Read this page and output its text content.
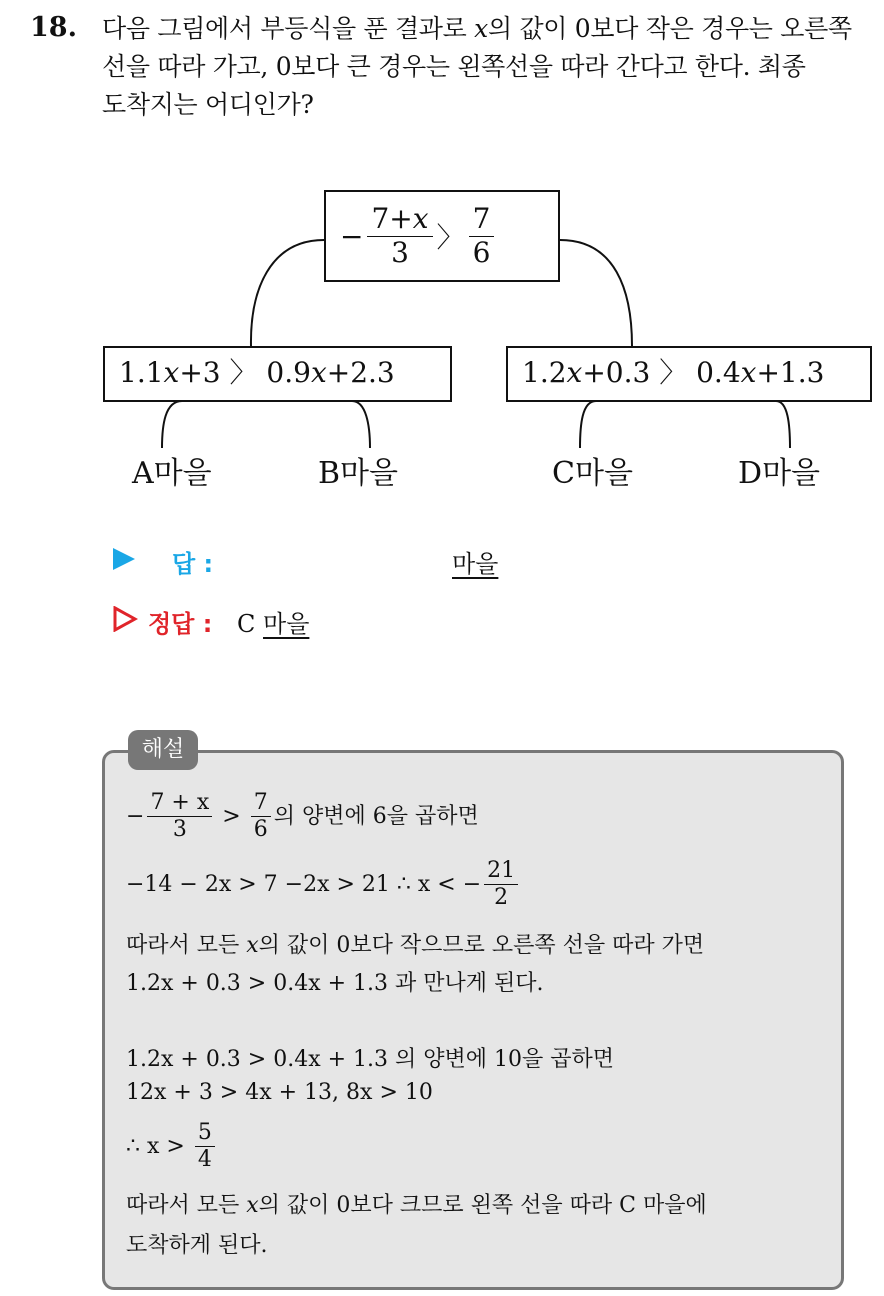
18. 다음 그림에서 부등식을 푼 결과로 x의 값이 0보다 작은 경우는 오른쪽
선을 따라 가고, 0보다 큰 경우는 왼쪽선을 따라 간다고 한다. 최종
도착지는 어디인가?
− $\frac{7+x}{3}$ 〉 $\frac{7}{6}$
1.1x+3 〉 0.9x+2.3	1.2x+0.3 〉 0.4x+1.3
A마을	B마을	C마을	D마을
답 :	마을
정답 : C 마을
해설
− $\frac{7 + x}{3} > \frac{7}{6}$ 의 양변에 6을 곱하면
−14 − 2x > 7 −2x > 21 ∴ x < − $\frac{21}{2}$
따라서 모든 x의 값이 0보다 작으므로 오른쪽 선을 따라 가면
1.2x + 0.3 > 0.4x + 1.3 과 만나게 된다.
1.2x + 0.3 > 0.4x + 1.3 의 양변에 10을 곱하면
12x + 3 > 4x + 13, 8x > 10
∴ $x > \frac{5}{4}$
따라서 모든 x의 값이 0보다 크므로 왼쪽 선을 따라 C 마을에
도착하게 된다.
